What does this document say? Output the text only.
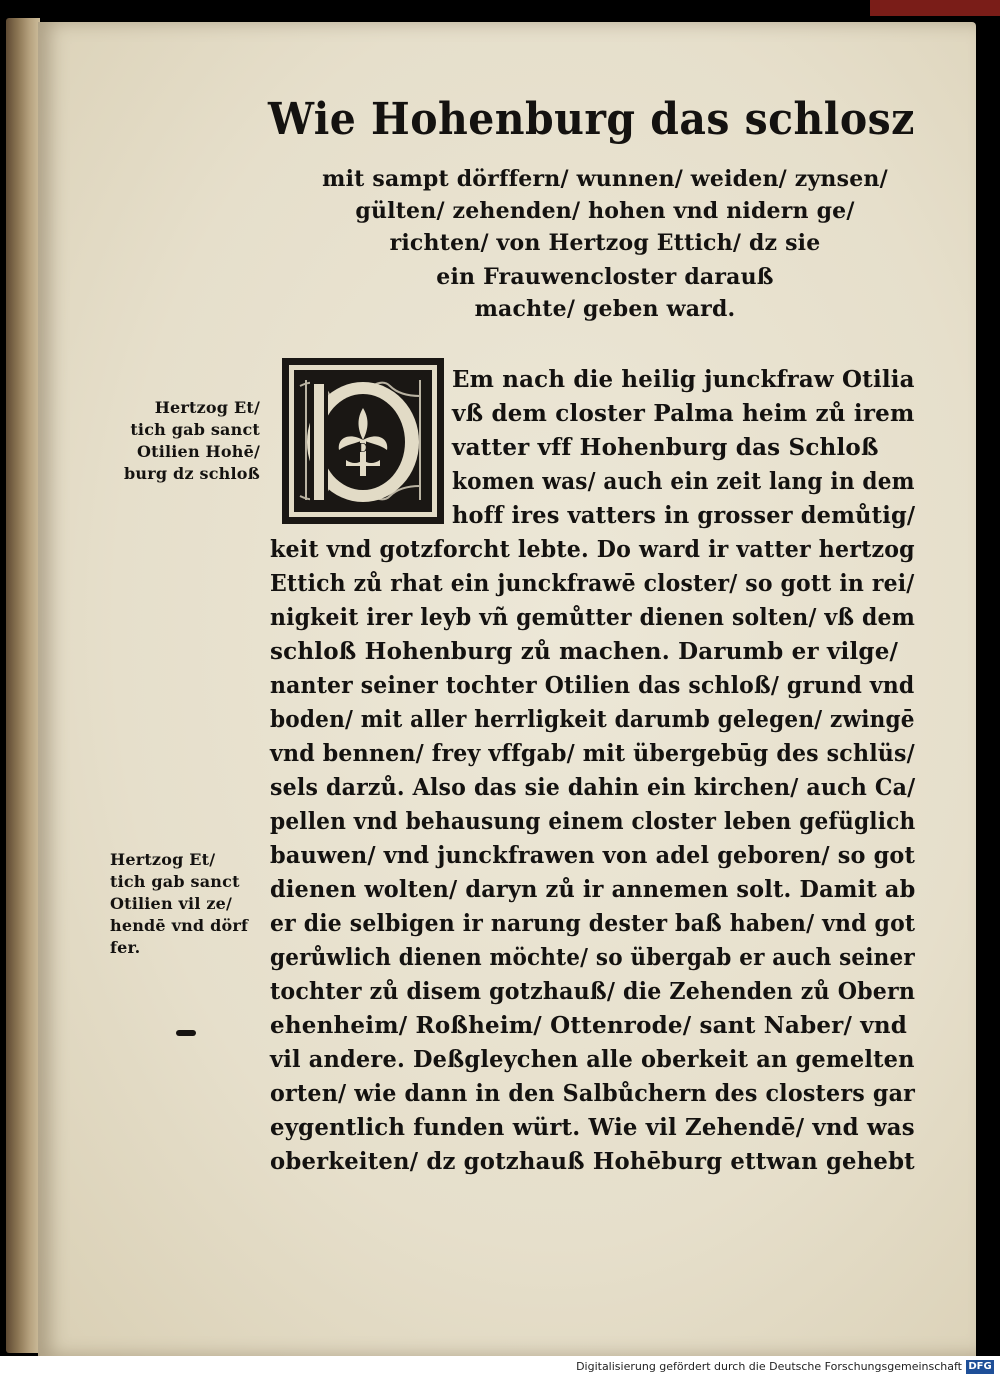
Wie Hohenburg das schlosz
mit sampt dörffern/ wunnen/ weiden/ zynsen/
gülten/ zehenden/ hohen vnd nidern ge/
richten/ von Hertzog Ettich/ dz sie
ein Frauwencloster darauß
machte/ geben ward.
D
Em nach die heilig junckfraw Otilia
vß dem closter Palma heim zů irem
vatter vff Hohenburg das Schloß
komen was/ auch ein zeit lang in dem
hoff ires vatters in grosser demůtig/
keit vnd gotzforcht lebte. Do ward ir vatter hertzog
Ettich zů rhat ein junckfrawē closter/ so gott in rei/
nigkeit irer leyb vñ gemůtter dienen solten/ vß dem
schloß Hohenburg zů machen. Darumb er vilge/
nanter seiner tochter Otilien das schloß/ grund vnd
boden/ mit aller herrligkeit darumb gelegen/ zwingē
vnd bennen/ frey vffgab/ mit übergebūg des schlüs/
sels darzů. Also das sie dahin ein kirchen/ auch Ca/
pellen vnd behausung einem closter leben gefüglich
bauwen/ vnd junckfrawen von adel geboren/ so got
dienen wolten/ daryn zů ir annemen solt. Damit ab
er die selbigen ir narung dester baß haben/ vnd got
gerůwlich dienen möchte/ so übergab er auch seiner
tochter zů disem gotzhauß/ die Zehenden zů Obern
ehenheim/ Roßheim/ Ottenrode/ sant Naber/ vnd
vil andere. Deßgleychen alle oberkeit an gemelten
orten/ wie dann in den Salbůchern des closters gar
eygentlich funden würt. Wie vil Zehendē/ vnd was
oberkeiten/ dz gotzhauß Hohēburg ettwan gehebt
Hertzog Et/
tich gab sanct
Otilien Hohē/
burg dz schloß
Hertzog Et/
tich gab sanct
Otilien vil ze/
hendē vnd dörf
fer.
Digitalisierung gefördert durch die Deutsche Forschungsgemeinschaft DFG
